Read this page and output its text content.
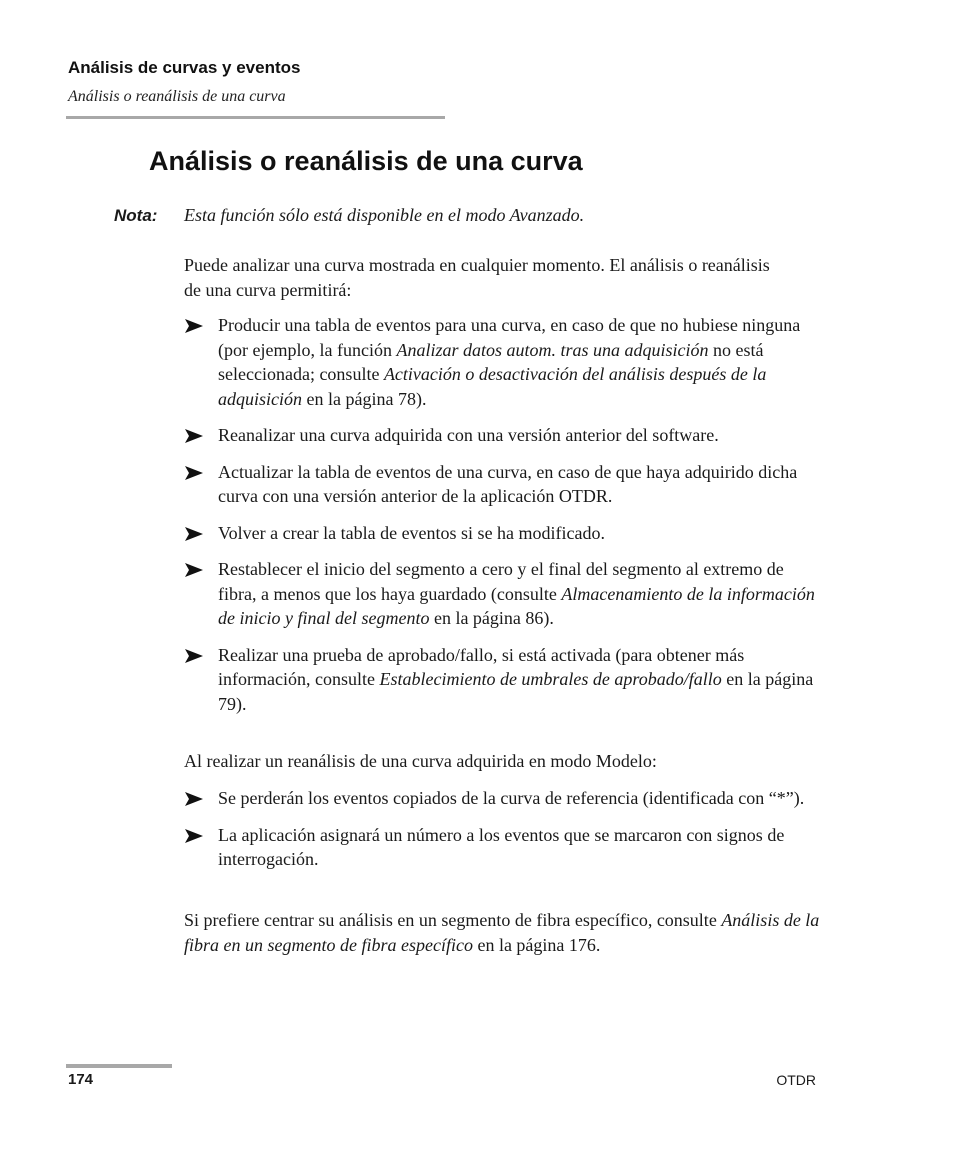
Análisis de curvas y eventos
Análisis o reanálisis de una curva
Análisis o reanálisis de una curva
Nota: Esta función sólo está disponible en el modo Avanzado.

Puede analizar una curva mostrada en cualquier momento. El análisis o reanálisis de una curva permitirá:

Producir una tabla de eventos para una curva, en caso de que no hubiese ninguna (por ejemplo, la función Analizar datos autom. tras una adquisición no está seleccionada; consulte Activación o desactivación del análisis después de la adquisición en la página 78).
Reanalizar una curva adquirida con una versión anterior del software.
Actualizar la tabla de eventos de una curva, en caso de que haya adquirido dicha curva con una versión anterior de la aplicación OTDR.
Volver a crear la tabla de eventos si se ha modificado.
Restablecer el inicio del segmento a cero y el final del segmento al extremo de fibra, a menos que los haya guardado (consulte Almacenamiento de la información de inicio y final del segmento en la página 86).
Realizar una prueba de aprobado/fallo, si está activada (para obtener más información, consulte Establecimiento de umbrales de aprobado/fallo en la página 79).

Al realizar un reanálisis de una curva adquirida en modo Modelo:

Se perderán los eventos copiados de la curva de referencia (identificada con “*”).
La aplicación asignará un número a los eventos que se marcaron con signos de interrogación.

Si prefiere centrar su análisis en un segmento de fibra específico, consulte Análisis de la fibra en un segmento de fibra específico en la página 176.

174	OTDR
